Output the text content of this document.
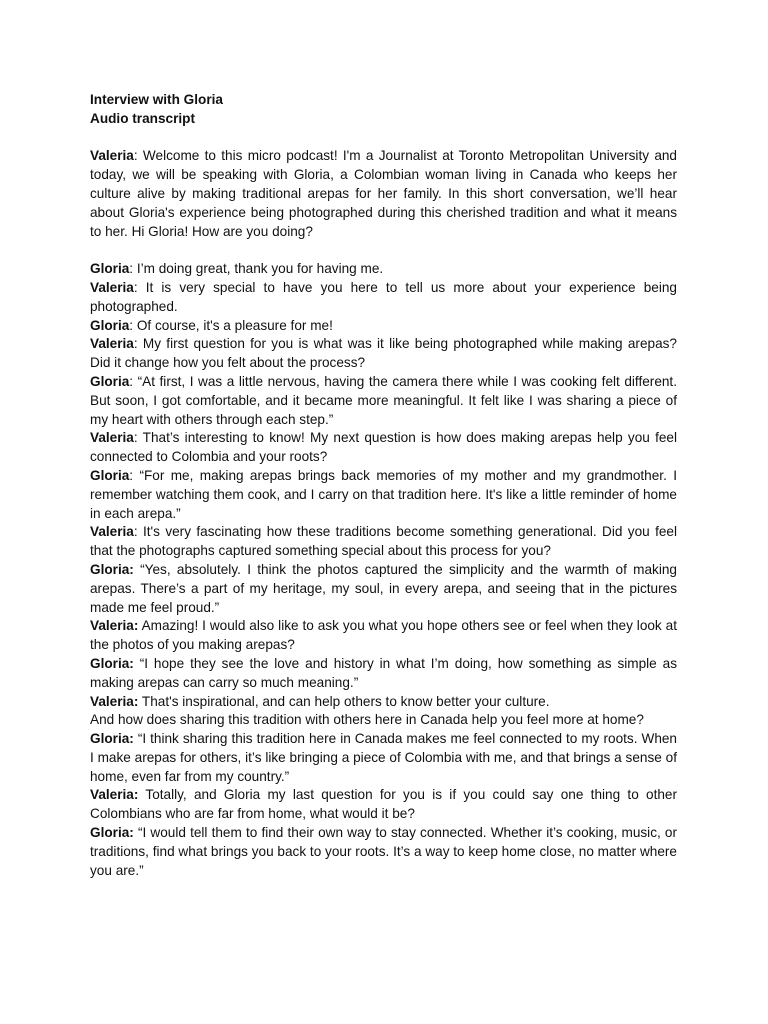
Interview with Gloria

Audio transcript

Valeria: Welcome to this micro podcast! I'm a Journalist at Toronto Metropolitan University and today, we will be speaking with Gloria, a Colombian woman living in Canada who keeps her culture alive by making traditional arepas for her family. In this short conversation, we’ll hear about Gloria's experience being photographed during this cherished tradition and what it means to her. Hi Gloria! How are you doing?

Gloria: I’m doing great, thank you for having me.

Valeria: It is very special to have you here to tell us more about your experience being photographed.

Gloria: Of course, it's a pleasure for me!

Valeria: My first question for you is what was it like being photographed while making arepas? Did it change how you felt about the process?

Gloria: “At first, I was a little nervous, having the camera there while I was cooking felt different. But soon, I got comfortable, and it became more meaningful. It felt like I was sharing a piece of my heart with others through each step.”

Valeria: That’s interesting to know! My next question is how does making arepas help you feel connected to Colombia and your roots?

Gloria: “For me, making arepas brings back memories of my mother and my grandmother. I remember watching them cook, and I carry on that tradition here. It's like a little reminder of home in each arepa.”

Valeria: It's very fascinating how these traditions become something generational. Did you feel that the photographs captured something special about this process for you?

Gloria: “Yes, absolutely. I think the photos captured the simplicity and the warmth of making arepas. There’s a part of my heritage, my soul, in every arepa, and seeing that in the pictures made me feel proud.”

Valeria: Amazing! I would also like to ask you what you hope others see or feel when they look at the photos of you making arepas?

Gloria: “I hope they see the love and history in what I’m doing, how something as simple as making arepas can carry so much meaning.”

Valeria: That's inspirational, and can help others to know better your culture.

And how does sharing this tradition with others here in Canada help you feel more at home?

Gloria: “I think sharing this tradition here in Canada makes me feel connected to my roots. When I make arepas for others, it’s like bringing a piece of Colombia with me, and that brings a sense of home, even far from my country.”

Valeria: Totally, and Gloria my last question for you is if you could say one thing to other Colombians who are far from home, what would it be?

Gloria: “I would tell them to find their own way to stay connected. Whether it’s cooking, music, or traditions, find what brings you back to your roots. It’s a way to keep home close, no matter where you are.”
